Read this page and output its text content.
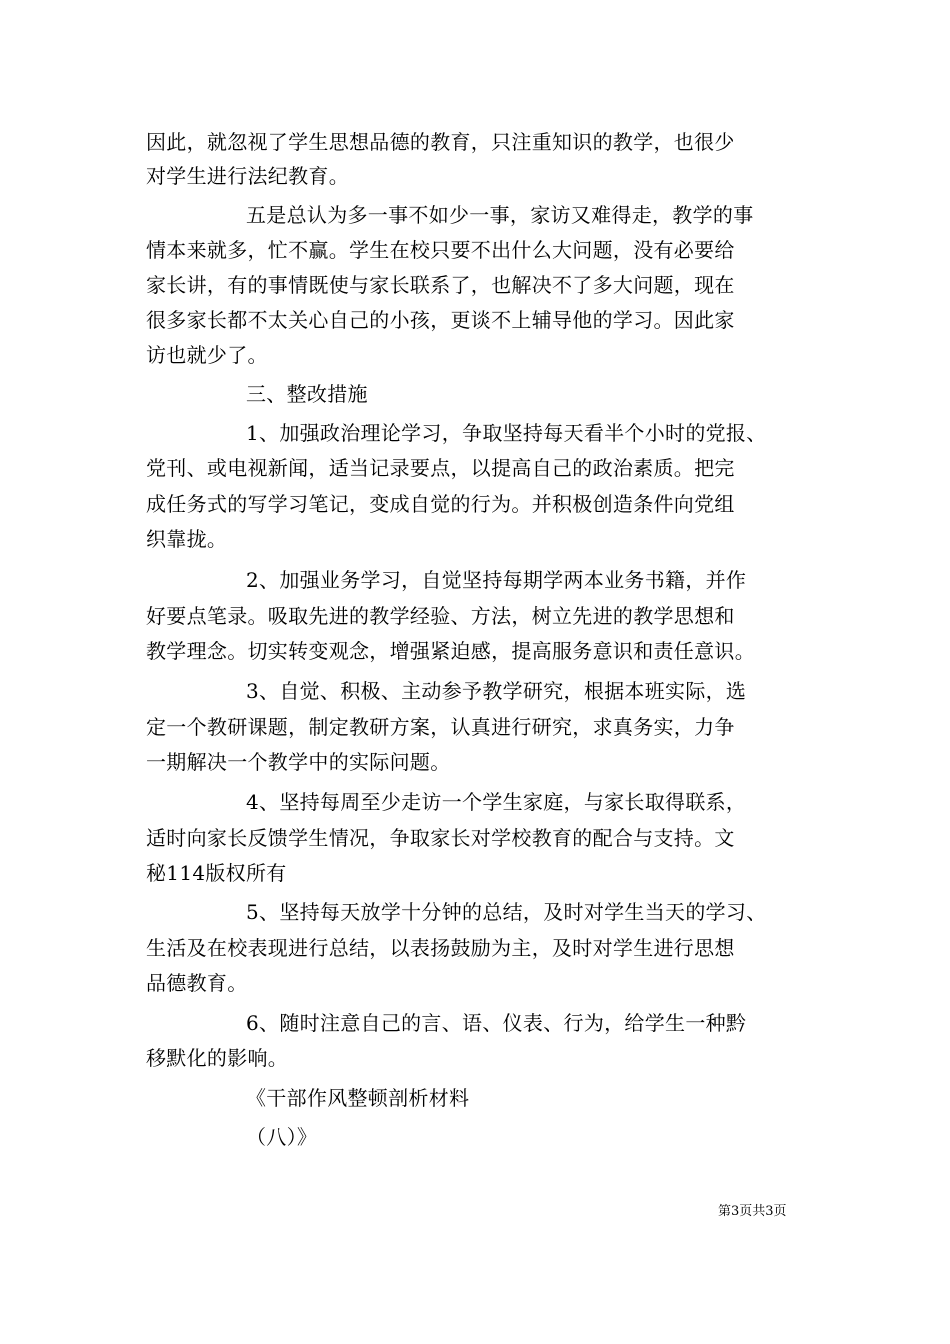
因此，就忽视了学生思想品德的教育，只注重知识的教学，也很少
对学生进行法纪教育。
五是总认为多一事不如少一事，家访又难得走，教学的事
情本来就多，忙不赢。学生在校只要不出什么大问题，没有必要给
家长讲，有的事情既使与家长联系了，也解决不了多大问题，现在
很多家长都不太关心自己的小孩，更谈不上辅导他的学习。因此家
访也就少了。
三、整改措施
1、加强政治理论学习，争取坚持每天看半个小时的党报、
党刊、或电视新闻，适当记录要点，以提高自己的政治素质。把完
成任务式的写学习笔记，变成自觉的行为。并积极创造条件向党组
织靠拢。
2、加强业务学习，自觉坚持每期学两本业务书籍，并作
好要点笔录。吸取先进的教学经验、方法，树立先进的教学思想和
教学理念。切实转变观念，增强紧迫感，提高服务意识和责任意识。
3、自觉、积极、主动参予教学研究，根据本班实际，选
定一个教研课题，制定教研方案，认真进行研究，求真务实，力争
一期解决一个教学中的实际问题。
4、坚持每周至少走访一个学生家庭，与家长取得联系，
适时向家长反馈学生情况，争取家长对学校教育的配合与支持。文
秘114版权所有
5、坚持每天放学十分钟的总结，及时对学生当天的学习、
生活及在校表现进行总结，以表扬鼓励为主，及时对学生进行思想
品德教育。
6、随时注意自己的言、语、仪表、行为，给学生一种黔
移默化的影响。
《干部作风整顿剖析材料
（八）》
第3页共3页
